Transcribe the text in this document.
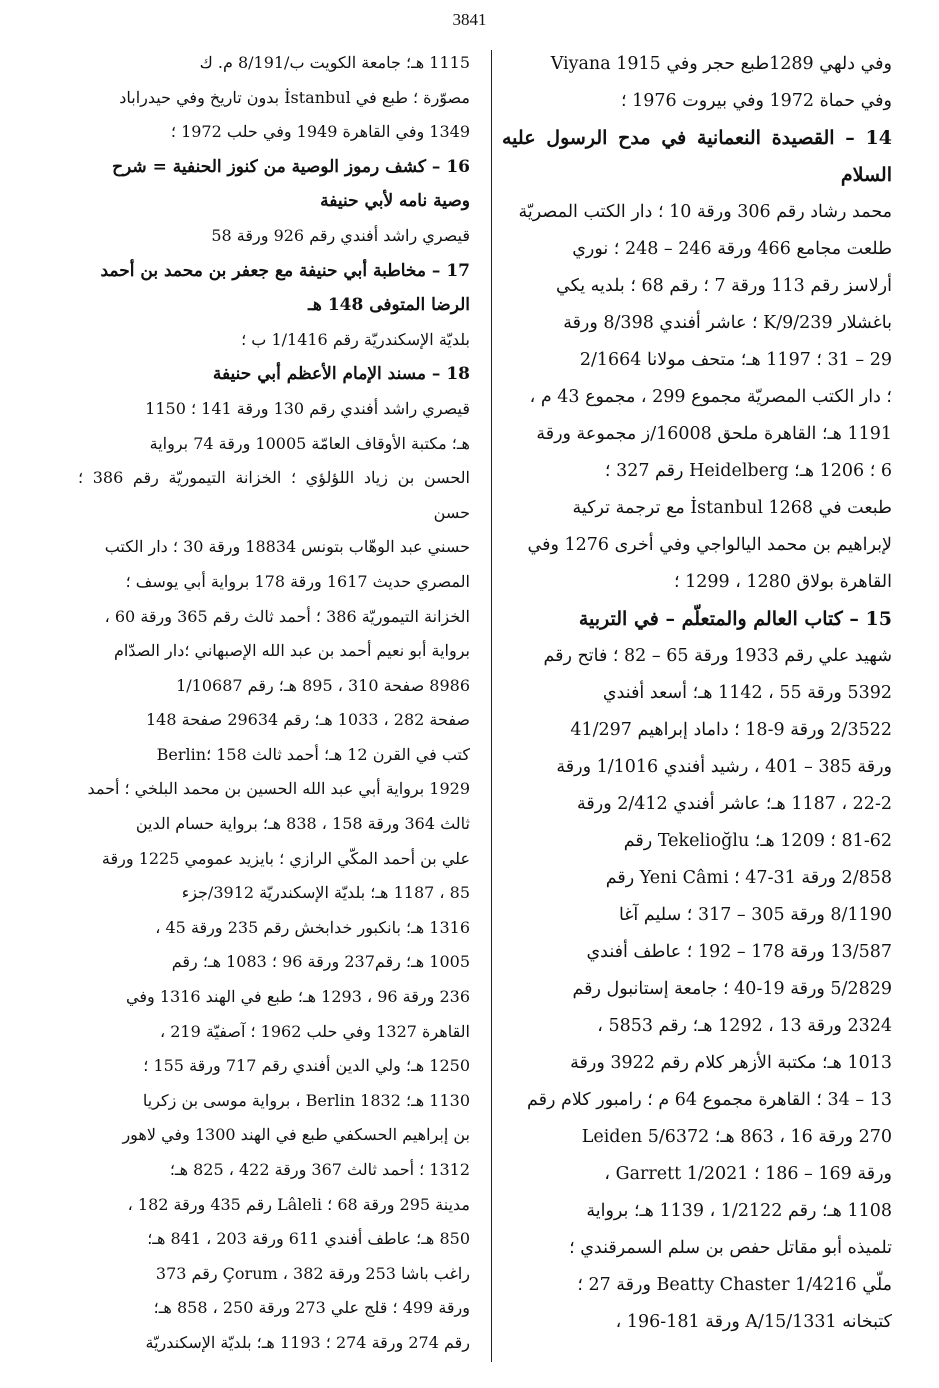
3841

وفي دلهي 1289طبع حجر وفي Viyana 1915

وفي حماة 1972 وفي بيروت 1976 ؛

14 – القصيدة النعمانية في مدح الرسول عليه السلام

محمد رشاد رقم 306 ورقة 10 ؛ دار الكتب المصريّة

طلعت مجامع 466 ورقة 246 – 248 ؛ نوري

أرلاسز رقم 113 ورقة 7 ؛ رقم 68 ؛ بلديه يكي

باغشلار 9/239/K ؛ عاشر أفندي 8/398 ورقة

29 – 31 ؛ 1197 هـ؛ متحف مولانا 2/1664

؛ دار الكتب المصريّة مجموع 299 ، مجموع 43 م ،

1191 هـ؛ القاهرة ملحق 16008/ز مجموعة ورقة

6 ؛ 1206 هـ؛ Heidelberg رقم 327 ؛

طبعت في İstanbul 1268 مع ترجمة تركية

لإبراهيم بن محمد اليالواجي وفي أخرى 1276 وفي

القاهرة بولاق 1280 ، 1299 ؛

15 – كتاب العالم والمتعلّم – في التربية

شهيد علي رقم 1933 ورقة 65 – 82 ؛ فاتح رقم

5392 ورقة 55 ، 1142 هـ؛ أسعد أفندي

2/3522 ورقة 9-18 ؛ داماد إبراهيم 41/297

ورقة 385 – 401 ، رشيد أفندي 1/1016 ورقة

22-2 ، 1187 هـ؛ عاشر أفندي 2/412 ورقة

81-62 ؛ 1209 هـ؛ Tekelioğlu رقم

2/858 ورقة 31-47 ؛ Yeni Câmi رقم

8/1190 ورقة 305 – 317 ؛ سليم آغا

13/587 ورقة 178 – 192 ؛ عاطف أفندي

5/2829 ورقة 19-40 ؛ جامعة إستانبول رقم

2324 ورقة 13 ، 1292 هـ؛ رقم 5853 ،

1013 هـ؛ مكتبة الأزهر كلام رقم 3922 ورقة

13 – 34 ؛ القاهرة مجموع 64 م ؛ رامبور كلام رقم

270 ورقة 16 ، 863 هـ؛ 5/6372 Leiden

ورقة 169 – 186 ؛ 1/2021 Garrett ،

1108 هـ؛ رقم 1/2122 ، 1139 هـ؛ برواية

تلميذه أبو مقاتل حفص بن سلم السمرقندي ؛

ملّي 1/4216 Beatty Chaster ورقة 27 ؛

كتبخانه 15/1331/A ورقة 181-196 ،

1115 هـ؛ جامعة الكويت ب/8/191 م. ك

مصوّرة ؛ طبع في İstanbul بدون تاريخ وفي حيدراباد

1349 وفي القاهرة 1949 وفي حلب 1972 ؛

16 – كشف رموز الوصية من كنوز الحنفية = شرح

وصية نامه لأبي حنيفة

قيصري راشد أفندي رقم 926 ورقة 58

17 – مخاطبة أبي حنيفة مع جعفر بن محمد بن أحمد

الرضا المتوفى 148 هـ

بلديّة الإسكندريّة رقم 1/1416 ب ؛

18 – مسند الإمام الأعظم أبي حنيفة

قيصري راشد أفندي رقم 130 ورقة 141 ؛ 1150

هـ؛ مكتبة الأوقاف العامّة 10005 ورقة 74 برواية

الحسن بن زياد اللؤلؤي ؛ الخزانة التيموريّة رقم 386 ؛ حسن

حسني عبد الوهّاب بتونس 18834 ورقة 30 ؛ دار الكتب

المصري حديث 1617 ورقة 178 برواية أبي يوسف ؛

الخزانة التيموريّة 386 ؛ أحمد ثالث رقم 365 ورقة 60 ،

برواية أبو نعيم أحمد بن عبد الله الإصبهاني ؛دار الصدّام

8986 صفحة 310 ، 895 هـ؛ رقم 1/10687

صفحة 282 ، 1033 هـ؛ رقم 29634 صفحة 148

كتب في القرن 12 هـ؛ أحمد ثالث 158 ؛Berlin

1929 برواية أبي عبد الله الحسين بن محمد البلخي ؛ أحمد

ثالث 364 ورقة 158 ، 838 هـ؛ برواية حسام الدين

علي بن أحمد المكّي الرازي ؛ بايزيد عمومي 1225 ورقة

85 ، 1187 هـ؛ بلديّة الإسكندريّة 3912/جزء

1316 هـ؛ بانكبور خدابخش رقم 235 ورقة 45 ،

1005 هـ؛ رقم237 ورقة 96 ؛ 1083 هـ؛ رقم

236 ورقة 96 ، 1293 هـ؛ طبع في الهند 1316 وفي

القاهرة 1327 وفي حلب 1962 ؛ آصفيّة 219 ،

1250 هـ؛ ولي الدين أفندي رقم 717 ورقة 155 ؛

1130 هـ؛ Berlin 1832 ، برواية موسى بن زكريا

بن إبراهيم الحسكفي طبع في الهند 1300 وفي لاهور

1312 ؛ أحمد ثالث 367 ورقة 422 ، 825 هـ؛

مدينة 295 ورقة 68 ؛ Lâleli رقم 435 ورقة 182 ،

850 هـ؛ عاطف أفندي 611 ورقة 203 ، 841 هـ؛

راغب باشا 253 ورقة 382 ، Çorum رقم 373

ورقة 499 ؛ قلج علي 273 ورقة 250 ، 858 هـ؛

رقم 274 ورقة 274 ؛ 1193 هـ؛ بلديّة الإسكندريّة
